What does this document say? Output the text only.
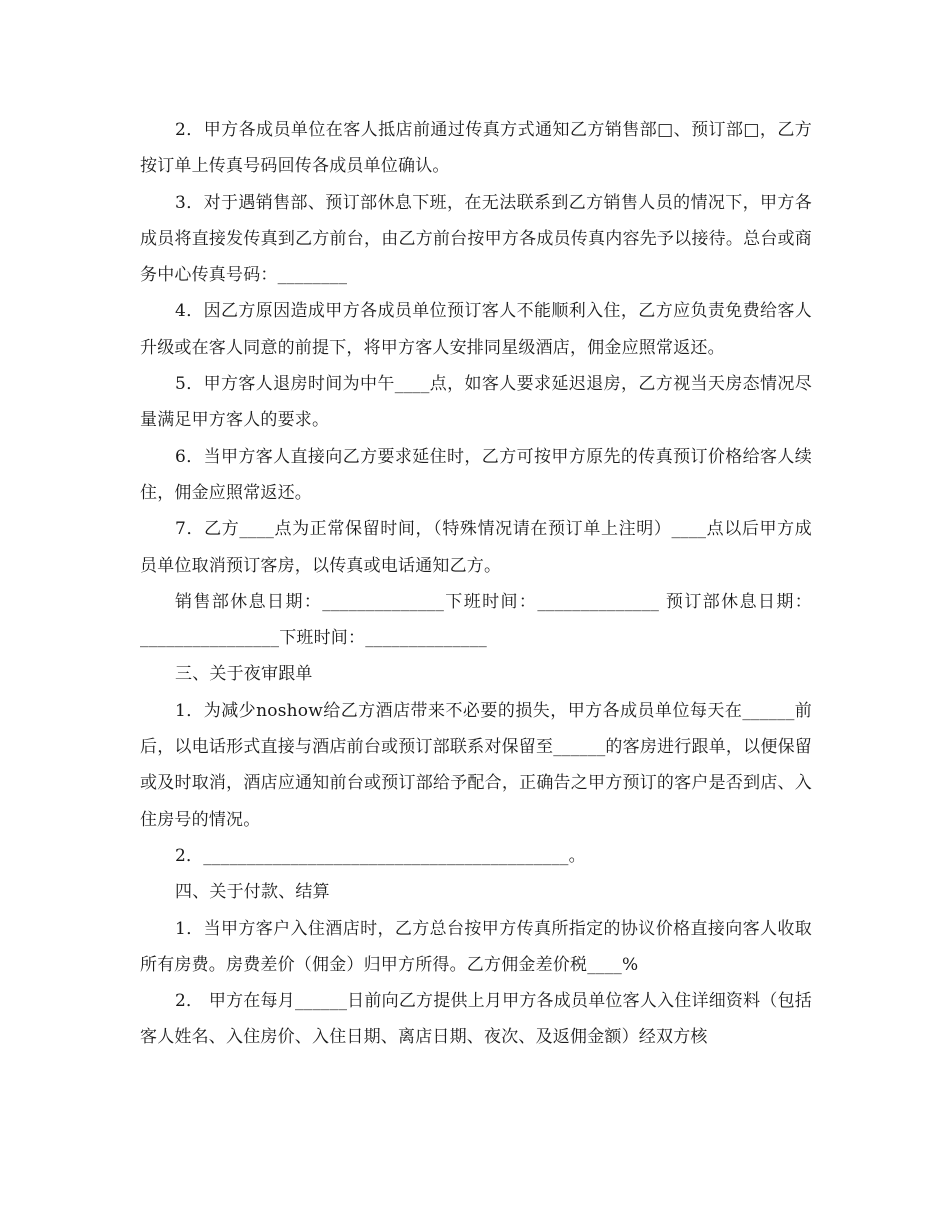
2．甲方各成员单位在客人抵店前通过传真方式通知乙方销售部□、预订部□，乙方按订单上传真号码回传各成员单位确认。

3．对于遇销售部、预订部休息下班，在无法联系到乙方销售人员的情况下，甲方各成员将直接发传真到乙方前台，由乙方前台按甲方各成员传真内容先予以接待。总台或商务中心传真号码：________

4．因乙方原因造成甲方各成员单位预订客人不能顺利入住，乙方应负责免费给客人升级或在客人同意的前提下，将甲方客人安排同星级酒店，佣金应照常返还。

5．甲方客人退房时间为中午____点，如客人要求延迟退房，乙方视当天房态情况尽量满足甲方客人的要求。

6．当甲方客人直接向乙方要求延住时，乙方可按甲方原先的传真预订价格给客人续住，佣金应照常返还。

7．乙方____点为正常保留时间，（特殊情况请在预订单上注明）____点以后甲方成员单位取消预订客房，以传真或电话通知乙方。

销售部休息日期：______________下班时间：______________ 预订部休息日期：________________下班时间：______________

三、关于夜审跟单

1．为减少noshow给乙方酒店带来不必要的损失，甲方各成员单位每天在______前后，以电话形式直接与酒店前台或预订部联系对保留至______的客房进行跟单，以便保留或及时取消，酒店应通知前台或预订部给予配合，正确告之甲方预订的客户是否到店、入住房号的情况。

2．__________________________________________。

四、关于付款、结算

1．当甲方客户入住酒店时，乙方总台按甲方传真所指定的协议价格直接向客人收取所有房费。房费差价（佣金）归甲方所得。乙方佣金差价税____%

2． 甲方在每月______日前向乙方提供上月甲方各成员单位客人入住详细资料（包括客人姓名、入住房价、入住日期、离店日期、夜次、及返佣金额）经双方核
